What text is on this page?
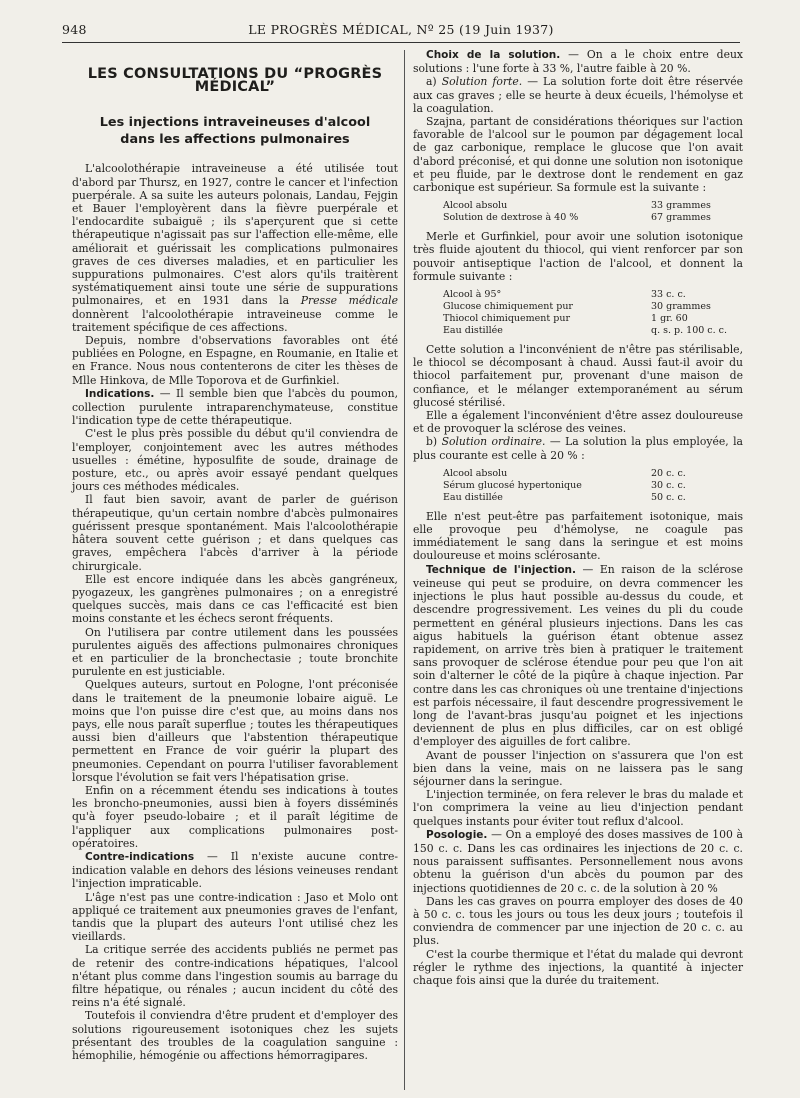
948	LE PROGRÈS MÉDICAL, Nº 25 (19 Juin 1937)
LES CONSULTATIONS DU “PROGRÈS MÉDICAL”
Les injections intraveineuses d'alcool
dans les affections pulmonaires

L'alcoolothérapie intraveineuse a été utilisée tout d'abord par Thursz, en 1927, contre le cancer et l'infection puerpérale. A sa suite les auteurs polonais, Landau, Fejgin et Bauer l'employèrent dans la fièvre puerpérale et l'endocardite subaiguë ; ils s'aperçurent que si cette thérapeutique n'agissait pas sur l'affection elle-même, elle améliorait et guérissait les complications pulmonaires graves de ces diverses maladies, et en particulier les suppurations pulmonaires. C'est alors qu'ils traitèrent systématiquement ainsi toute une série de suppurations pulmonaires, et en 1931 dans la Presse médicale donnèrent l'alcoolothérapie intraveineuse comme le traitement spécifique de ces affections.

Depuis, nombre d'observations favorables ont été publiées en Pologne, en Espagne, en Roumanie, en Italie et en France. Nous nous contenterons de citer les thèses de Mlle Hinkova, de Mlle Toporova et de Gurfinkiel.

Indications. — Il semble bien que l'abcès du poumon, collection purulente intraparenchymateuse, constitue l'indication type de cette thérapeutique.

C'est le plus près possible du début qu'il conviendra de l'employer, conjointement avec les autres méthodes usuelles : émétine, hyposulfite de soude, drainage de posture, etc., ou après avoir essayé pendant quelques jours ces méthodes médicales.

Il faut bien savoir, avant de parler de guérison thérapeutique, qu'un certain nombre d'abcès pulmonaires guérissent presque spontanément. Mais l'alcoolothérapie hâtera souvent cette guérison ; et dans quelques cas graves, empêchera l'abcès d'arriver à la période chirurgicale.

Elle est encore indiquée dans les abcès gangréneux, pyogazeux, les gangrènes pulmonaires ; on a enregistré quelques succès, mais dans ce cas l'efficacité est bien moins constante et les échecs seront fréquents.

On l'utilisera par contre utilement dans les poussées purulentes aiguës des affections pulmonaires chroniques et en particulier de la bronchectasie ; toute bronchite purulente en est justiciable.

Quelques auteurs, surtout en Pologne, l'ont préconisée dans le traitement de la pneumonie lobaire aiguë. Le moins que l'on puisse dire c'est que, au moins dans nos pays, elle nous paraît superflue ; toutes les thérapeutiques aussi bien d'ailleurs que l'abstention thérapeutique permettent en France de voir guérir la plupart des pneumonies. Cependant on pourra l'utiliser favorablement lorsque l'évolution se fait vers l'hépatisation grise.

Enfin on a récemment étendu ses indications à toutes les broncho-pneumonies, aussi bien à foyers disséminés qu'à foyer pseudo-lobaire ; et il paraît légitime de l'appliquer aux complications pulmonaires post-opératoires.

Contre-indications — Il n'existe aucune contre-indication valable en dehors des lésions veineuses rendant l'injection impraticable.

L'âge n'est pas une contre-indication : Jaso et Molo ont appliqué ce traitement aux pneumonies graves de l'enfant, tandis que la plupart des auteurs l'ont utilisé chez les vieillards.

La critique serrée des accidents publiés ne permet pas de retenir des contre-indications hépatiques, l'alcool n'étant plus comme dans l'ingestion soumis au barrage du filtre hépatique, ou rénales ; aucun incident du côté des reins n'a été signalé.

Toutefois il conviendra d'être prudent et d'employer des solutions rigoureusement isotoniques chez les sujets présentant des troubles de la coagulation sanguine : hémophilie, hémogénie ou affections hémorragipares.

Choix de la solution. — On a le choix entre deux solutions : l'une forte à 33 %, l'autre faible à 20 %.

a) Solution forte. — La solution forte doit être réservée aux cas graves ; elle se heurte à deux écueils, l'hémolyse et la coagulation.

Szajna, partant de considérations théoriques sur l'action favorable de l'alcool sur le poumon par dégagement local de gaz carbonique, remplace le glucose que l'on avait d'abord préconisé, et qui donne une solution non isotonique et peu fluide, par le dextrose dont le rendement en gaz carbonique est supérieur. Sa formule est la suivante :

Alcool absolu	33 grammes
Solution de dextrose à 40 %	67 grammes

Merle et Gurfinkiel, pour avoir une solution isotonique très fluide ajoutent du thiocol, qui vient renforcer par son pouvoir antiseptique l'action de l'alcool, et donnent la formule suivante :

Alcool à 95°	33 c. c.
Glucose chimiquement pur	30 grammes
Thiocol chimiquement pur	1 gr. 60
Eau distillée	q. s. p. 100 c. c.

Cette solution a l'inconvénient de n'être pas stérilisable, le thiocol se décomposant à chaud. Aussi faut-il avoir du thiocol parfaitement pur, provenant d'une maison de confiance, et le mélanger extemporanément au sérum glucosé stérilisé.

Elle a également l'inconvénient d'être assez douloureuse et de provoquer la sclérose des veines.

b) Solution ordinaire. — La solution la plus employée, la plus courante est celle à 20 % :

Alcool absolu	20 c. c.
Sérum glucosé hypertonique	30 c. c.
Eau distillée	50 c. c.

Elle n'est peut-être pas parfaitement isotonique, mais elle provoque peu d'hémolyse, ne coagule pas immédiatement le sang dans la seringue et est moins douloureuse et moins sclérosante.

Technique de l'injection. — En raison de la sclérose veineuse qui peut se produire, on devra commencer les injections le plus haut possible au-dessus du coude, et descendre progressivement. Les veines du pli du coude permettent en général plusieurs injections. Dans les cas aigus habituels la guérison étant obtenue assez rapidement, on arrive très bien à pratiquer le traitement sans provoquer de sclérose étendue pour peu que l'on ait soin d'alterner le côté de la piqûre à chaque injection. Par contre dans les cas chroniques où une trentaine d'injections est parfois nécessaire, il faut descendre progressivement le long de l'avant-bras jusqu'au poignet et les injections deviennent de plus en plus difficiles, car on est obligé d'employer des aiguilles de fort calibre.

Avant de pousser l'injection on s'assurera que l'on est bien dans la veine, mais on ne laissera pas le sang séjourner dans la seringue.

L'injection terminée, on fera relever le bras du malade et l'on comprimera la veine au lieu d'injection pendant quelques instants pour éviter tout reflux d'alcool.

Posologie. — On a employé des doses massives de 100 à 150 c. c. Dans les cas ordinaires les injections de 20 c. c. nous paraissent suffisantes. Personnellement nous avons obtenu la guérison d'un abcès du poumon par des injections quotidiennes de 20 c. c. de la solution à 20 %

Dans les cas graves on pourra employer des doses de 40 à 50 c. c. tous les jours ou tous les deux jours ; toutefois il conviendra de commencer par une injection de 20 c. c. au plus.

C'est la courbe thermique et l'état du malade qui devront régler le rythme des injections, la quantité à injecter chaque fois ainsi que la durée du traitement.
